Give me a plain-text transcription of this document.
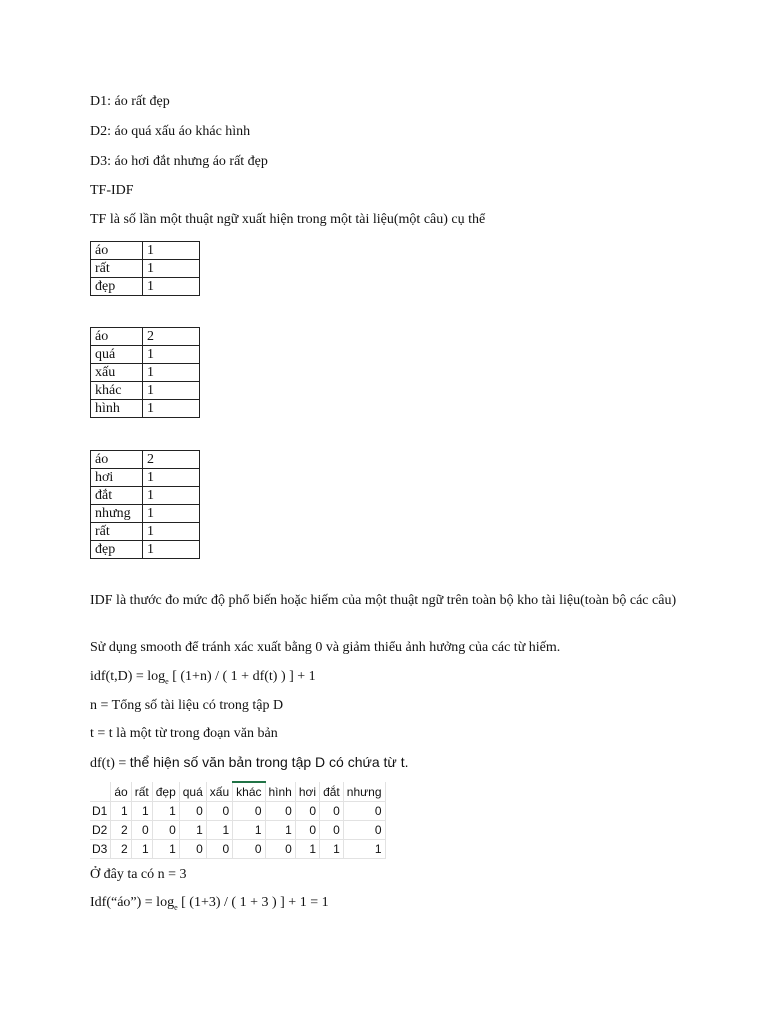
D1: áo rất đẹp
D2: áo quá xấu áo khác hình
D3: áo hơi đắt nhưng áo rất đẹp
TF-IDF
TF là số lần một thuật ngữ xuất hiện trong một tài liệu(một câu) cụ thể
áo	1
rất	1
đẹp	1
áo	2
quá	1
xấu	1
khác	1
hình	1
áo	2
hơi	1
đắt	1
nhưng	1
rất	1
đẹp	1
IDF là thước đo mức độ phổ biến hoặc hiếm của một thuật ngữ trên toàn bộ kho tài liệu(toàn bộ các câu)
Sử dụng smooth để tránh xác xuất bằng 0 và giảm thiểu ảnh hưởng của các từ hiếm.
$idf(t,D) = \log_e$ [ (1+n) / ( 1 + df(t) ) ] + 1
n = Tổng số tài liệu có trong tập D
t = t là một từ trong đoạn văn bản
df(t) = thể hiện số văn bản trong tập D có chứa từ t.
	áo	rất	đẹp	quá	xấu	khác	hình	hơi	đắt	nhưng
D1	1	1	1	0	0	0	0	0	0	0
D2	2	0	0	1	1	1	1	0	0	0
D3	2	1	1	0	0	0	0	1	1	1
Ở đây ta có n = 3
Idf(“áo”) = $\log_e$ [ (1+3) / ( 1 + 3 ) ] + 1 = 1
